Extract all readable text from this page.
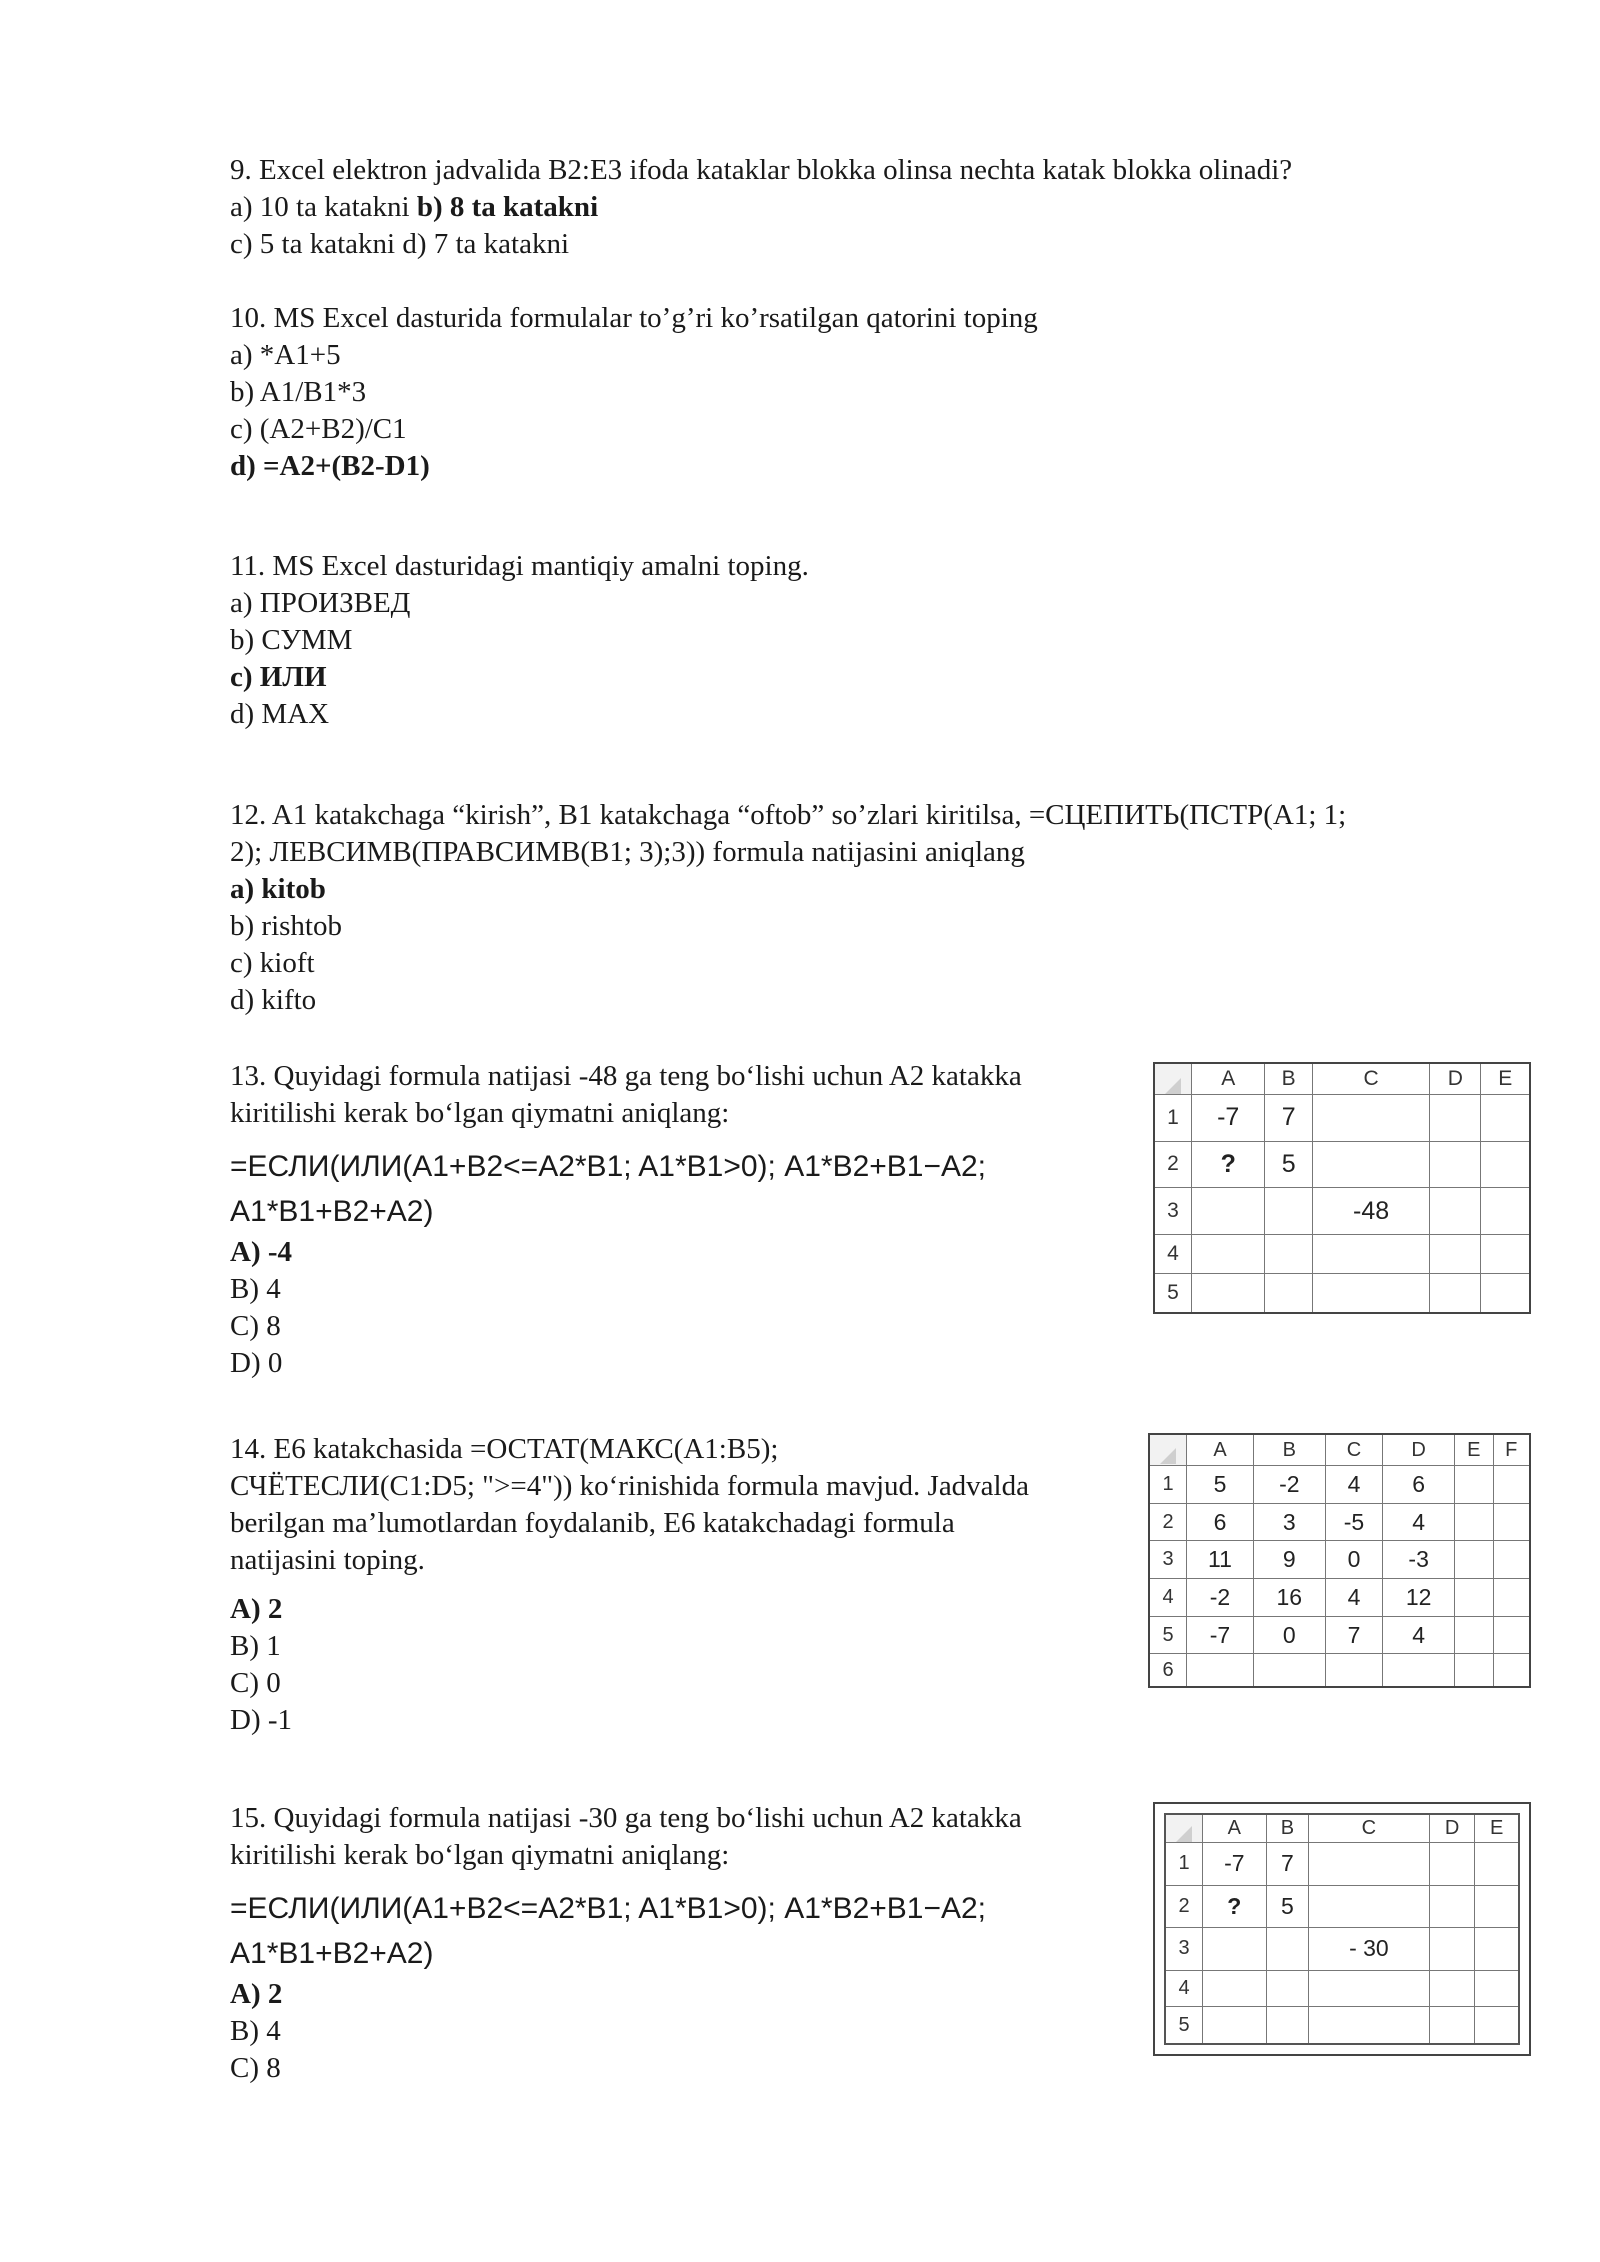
9. Excel elektron jadvalida B2:E3 ifoda kataklar blokka olinsa nechta katak blokka olinadi?
a) 10 ta katakni b) 8 ta katakni
c) 5 ta katakni d) 7 ta katakni
10. MS Excel dasturida formulalar to’g’ri ko’rsatilgan qatorini toping
a) *A1+5
b) A1/B1*3
c) (A2+B2)/C1
d) =A2+(B2-D1)
11. MS Excel dasturidagi mantiqiy amalni toping.
a) ПРОИЗВЕД
b) СУММ
c) ИЛИ
d) MAX
12. A1 katakchaga “kirish”, B1 katakchaga “oftob” so’zlari kiritilsa, =СЦЕПИТЬ(ПСТР(A1; 1;
2); ЛЕВСИМВ(ПРАВСИМВ(B1; 3);3)) formula natijasini aniqlang
a) kitob
b) rishtob
c) kioft
d) kifto
13. Quyidagi formula natijasi -48 ga teng bo‘lishi uchun A2 katakka
kiritilishi kerak bo‘lgan qiymatni aniqlang:
=ЕСЛИ(ИЛИ(A1+B2<=A2*B1; A1*B1>0); A1*B2+B1−A2;
A1*B1+B2+A2)
A) -4
B) 4
C) 8
D) 0
	A	B	C	D	E
1	-7	7			
2	?	5			
3			-48		
4					
5					
14. E6 katakchasida =ОСТАТ(МАКС(A1:B5);
СЧЁТЕСЛИ(C1:D5; ">=4")) ko‘rinishida formula mavjud. Jadvalda
berilgan ma’lumotlardan foydalanib, E6 katakchadagi formula
natijasini toping.
A) 2
B) 1
C) 0
D) -1
	A	B	C	D	E	F
1	5	-2	4	6		
2	6	3	-5	4		
3	11	9	0	-3		
4	-2	16	4	12		
5	-7	0	7	4		
6						
15. Quyidagi formula natijasi -30 ga teng bo‘lishi uchun A2 katakka
kiritilishi kerak bo‘lgan qiymatni aniqlang:
=ЕСЛИ(ИЛИ(A1+B2<=A2*B1; A1*B1>0); A1*B2+B1−A2;
A1*B1+B2+A2)
A) 2
B) 4
C) 8
	A	B	C	D	E
1	-7	7			
2	?	5			
3			- 30		
4					
5					
